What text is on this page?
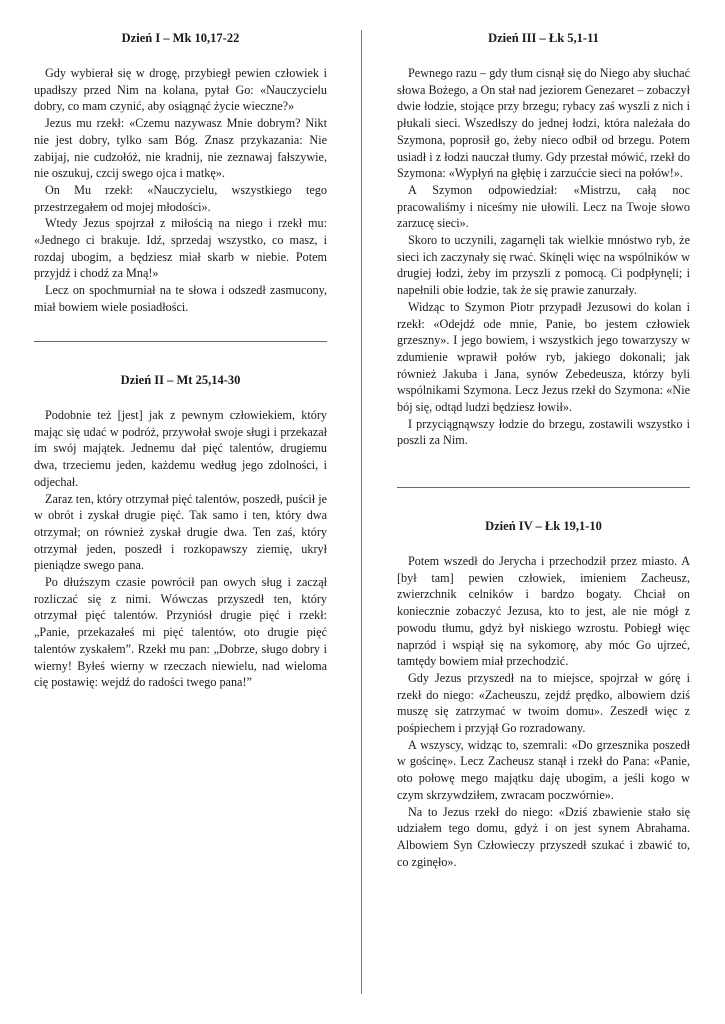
Dzień I – Mk 10,17-22

Gdy wybierał się w drogę, przybiegł pewien człowiek i upadłszy przed Nim na kolana, pytał Go: «Nauczycielu dobry, co mam czynić, aby osiągnąć życie wieczne?»

Jezus mu rzekł: «Czemu nazywasz Mnie dobrym? Nikt nie jest dobry, tylko sam Bóg. Znasz przykazania: Nie zabijaj, nie cudzołóż, nie kradnij, nie zeznawaj fałszywie, nie oszukuj, czcij swego ojca i matkę».

On Mu rzekł: «Nauczycielu, wszystkiego tego przestrzegałem od mojej młodości».

Wtedy Jezus spojrzał z miłością na niego i rzekł mu: «Jednego ci brakuje. Idź, sprzedaj wszystko, co masz, i rozdaj ubogim, a będziesz miał skarb w niebie. Potem przyjdź i chodź za Mną!»

Lecz on spochmurniał na te słowa i odszedł zasmucony, miał bowiem wiele posiadłości.

Dzień II – Mt 25,14-30

Podobnie też [jest] jak z pewnym człowiekiem, który mając się udać w podróż, przywołał swoje sługi i przekazał im swój majątek. Jednemu dał pięć talentów, drugiemu dwa, trzeciemu jeden, każdemu według jego zdolności, i odjechał.

Zaraz ten, który otrzymał pięć talentów, poszedł, puścił je w obrót i zyskał drugie pięć. Tak samo i ten, który dwa otrzymał; on również zyskał drugie dwa. Ten zaś, który otrzymał jeden, poszedł i rozkopawszy ziemię, ukrył pieniądze swego pana.

Po dłuższym czasie powrócił pan owych sług i zaczął rozliczać się z nimi. Wówczas przyszedł ten, który otrzymał pięć talentów. Przyniósł drugie pięć i rzekł: „Panie, przekazałeś mi pięć talentów, oto drugie pięć talentów zyskałem”. Rzekł mu pan: „Dobrze, sługo dobry i wierny! Byłeś wierny w rzeczach niewielu, nad wieloma cię postawię: wejdź do radości twego pana!”

Dzień III – Łk 5,1-11

Pewnego razu – gdy tłum cisnął się do Niego aby słuchać słowa Bożego, a On stał nad jeziorem Genezaret – zobaczył dwie łodzie, stojące przy brzegu; rybacy zaś wyszli z nich i płukali sieci. Wszedłszy do jednej łodzi, która należała do Szymona, poprosił go, żeby nieco odbił od brzegu. Potem usiadł i z łodzi nauczał tłumy. Gdy przestał mówić, rzekł do Szymona: «Wypłyń na głębię i zarzućcie sieci na połów!».

A Szymon odpowiedział: «Mistrzu, całą noc pracowaliśmy i niceśmy nie ułowili. Lecz na Twoje słowo zarzucę sieci».

Skoro to uczynili, zagarnęli tak wielkie mnóstwo ryb, że sieci ich zaczynały się rwać. Skinęli więc na wspólników w drugiej łodzi, żeby im przyszli z pomocą. Ci podpłynęli; i napełnili obie łodzie, tak że się prawie zanurzały.

Widząc to Szymon Piotr przypadł Jezusowi do kolan i rzekł: «Odejdź ode mnie, Panie, bo jestem człowiek grzeszny». I jego bowiem, i wszystkich jego towarzyszy w zdumienie wprawił połów ryb, jakiego dokonali; jak również Jakuba i Jana, synów Zebedeusza, którzy byli wspólnikami Szymona. Lecz Jezus rzekł do Szymona: «Nie bój się, odtąd ludzi będziesz łowił».

I przyciągnąwszy łodzie do brzegu, zostawili wszystko i poszli za Nim.

Dzień IV – Łk 19,1-10

Potem wszedł do Jerycha i przechodził przez miasto. A [był tam] pewien człowiek, imieniem Zacheusz, zwierzchnik celników i bardzo bogaty. Chciał on koniecznie zobaczyć Jezusa, kto to jest, ale nie mógł z powodu tłumu, gdyż był niskiego wzrostu. Pobiegł więc naprzód i wspiął się na sykomorę, aby móc Go ujrzeć, tamtędy bowiem miał przechodzić.

Gdy Jezus przyszedł na to miejsce, spojrzał w górę i rzekł do niego: «Zacheuszu, zejdź prędko, albowiem dziś muszę się zatrzymać w twoim domu». Zeszedł więc z pośpiechem i przyjął Go rozradowany.

A wszyscy, widząc to, szemrali: «Do grzesznika poszedł w gościnę». Lecz Zacheusz stanął i rzekł do Pana: «Panie, oto połowę mego majątku daję ubogim, a jeśli kogo w czym skrzywdziłem, zwracam poczwórnie».

Na to Jezus rzekł do niego: «Dziś zbawienie stało się udziałem tego domu, gdyż i on jest synem Abrahama. Albowiem Syn Człowieczy przyszedł szukać i zbawić to, co zginęło».
